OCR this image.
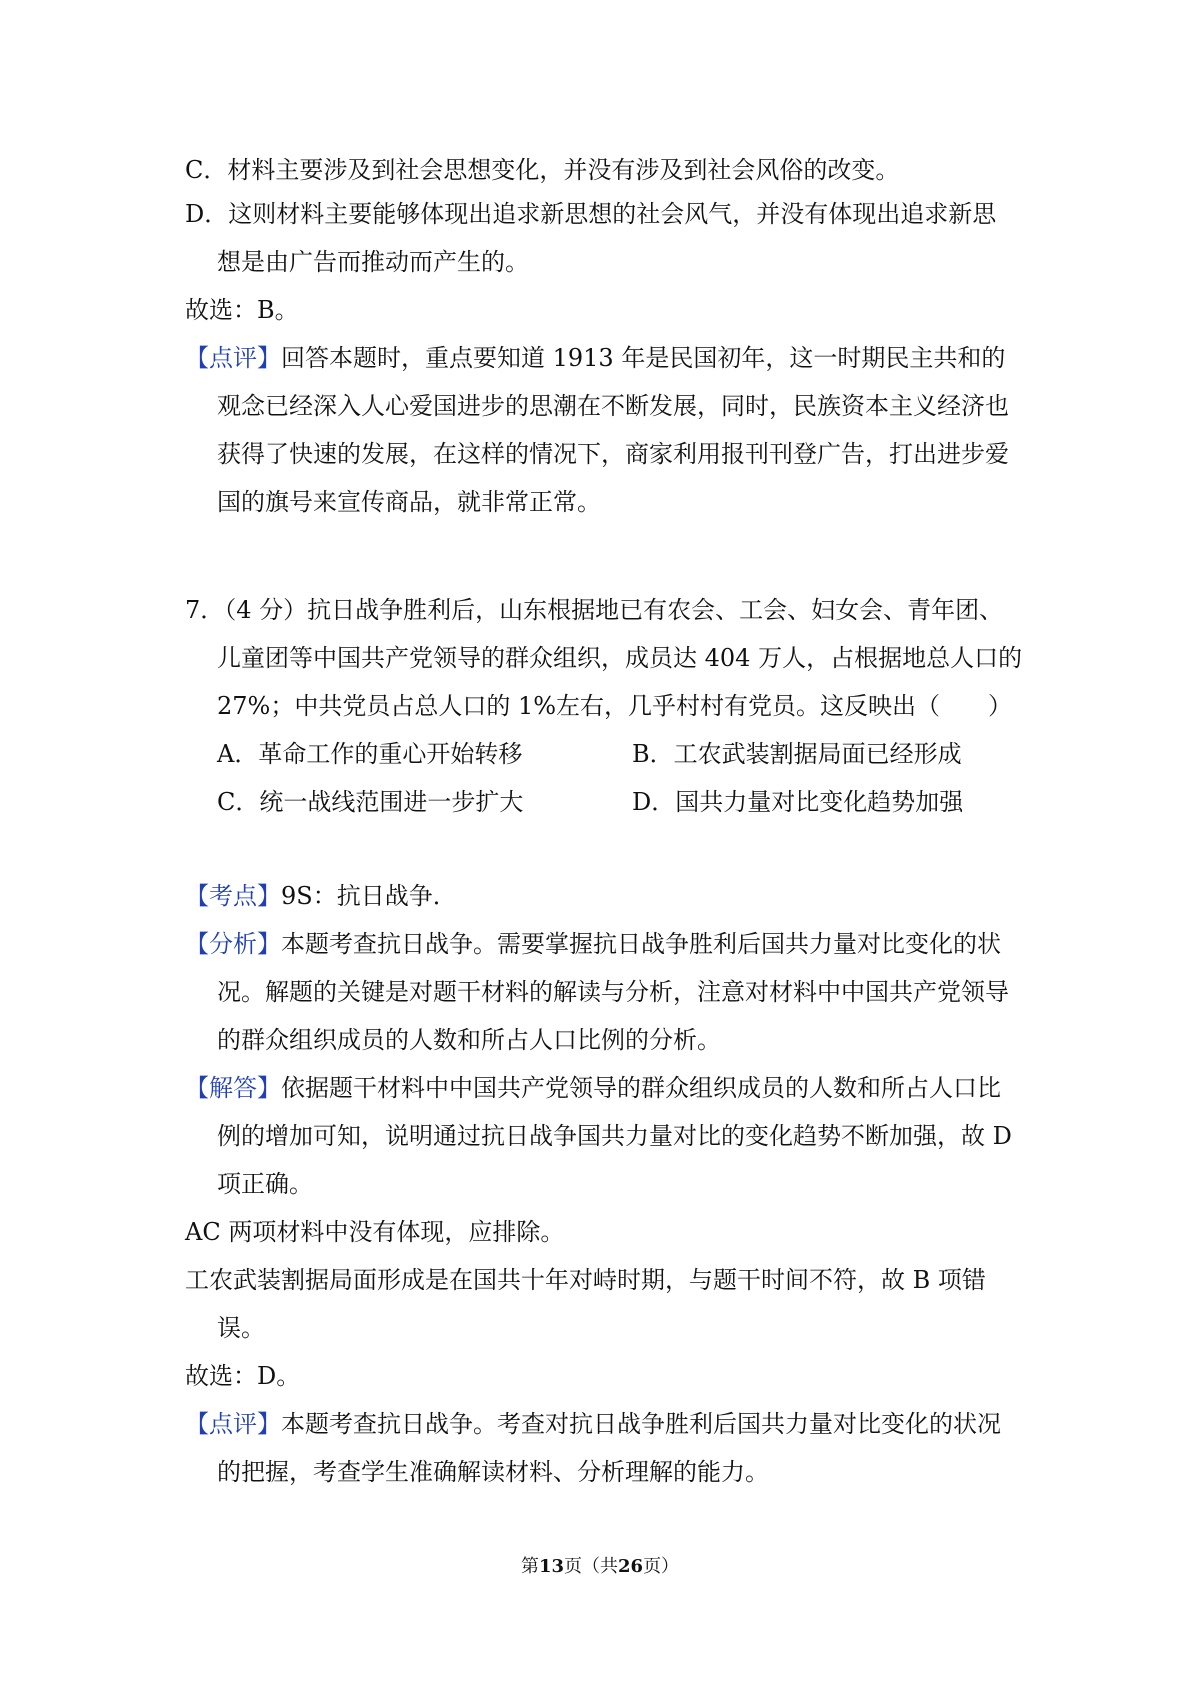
C．材料主要涉及到社会思想变化，并没有涉及到社会风俗的改变。

D．这则材料主要能够体现出追求新思想的社会风气，并没有体现出追求新思
想是由广告而推动而产生的。

故选：B。

【点评】回答本题时，重点要知道 1913 年是民国初年，这一时期民主共和的
观念已经深入人心爱国进步的思潮在不断发展，同时，民族资本主义经济也获得了快速的发展，在这样的情况下，商家利用报刊刊登广告，打出进步爱国的旗号来宣传商品，就非常正常。

7．（4 分）抗日战争胜利后，山东根据地已有农会、工会、妇女会、青年团、
儿童团等中国共产党领导的群众组织，成员达 404 万人，占根据地总人口的 27%；中共党员占总人口的 1%左右，几乎村村有党员。这反映出（　　）

A．革命工作的重心开始转移	B．工农武装割据局面已经形成

C．统一战线范围进一步扩大	D．国共力量对比变化趋势加强

【考点】9S：抗日战争．

【分析】本题考查抗日战争。需要掌握抗日战争胜利后国共力量对比变化的状
况。解题的关键是对题干材料的解读与分析，注意对材料中中国共产党领导的群众组织成员的人数和所占人口比例的分析。

【解答】依据题干材料中中国共产党领导的群众组织成员的人数和所占人口比
例的增加可知，说明通过抗日战争国共力量对比的变化趋势不断加强，故 D 项正确。

AC 两项材料中没有体现，应排除。

工农武装割据局面形成是在国共十年对峙时期，与题干时间不符，故 B 项错
误。

故选：D。

【点评】本题考查抗日战争。考查对抗日战争胜利后国共力量对比变化的状况
的把握，考查学生准确解读材料、分析理解的能力。

第13页（共26页）
